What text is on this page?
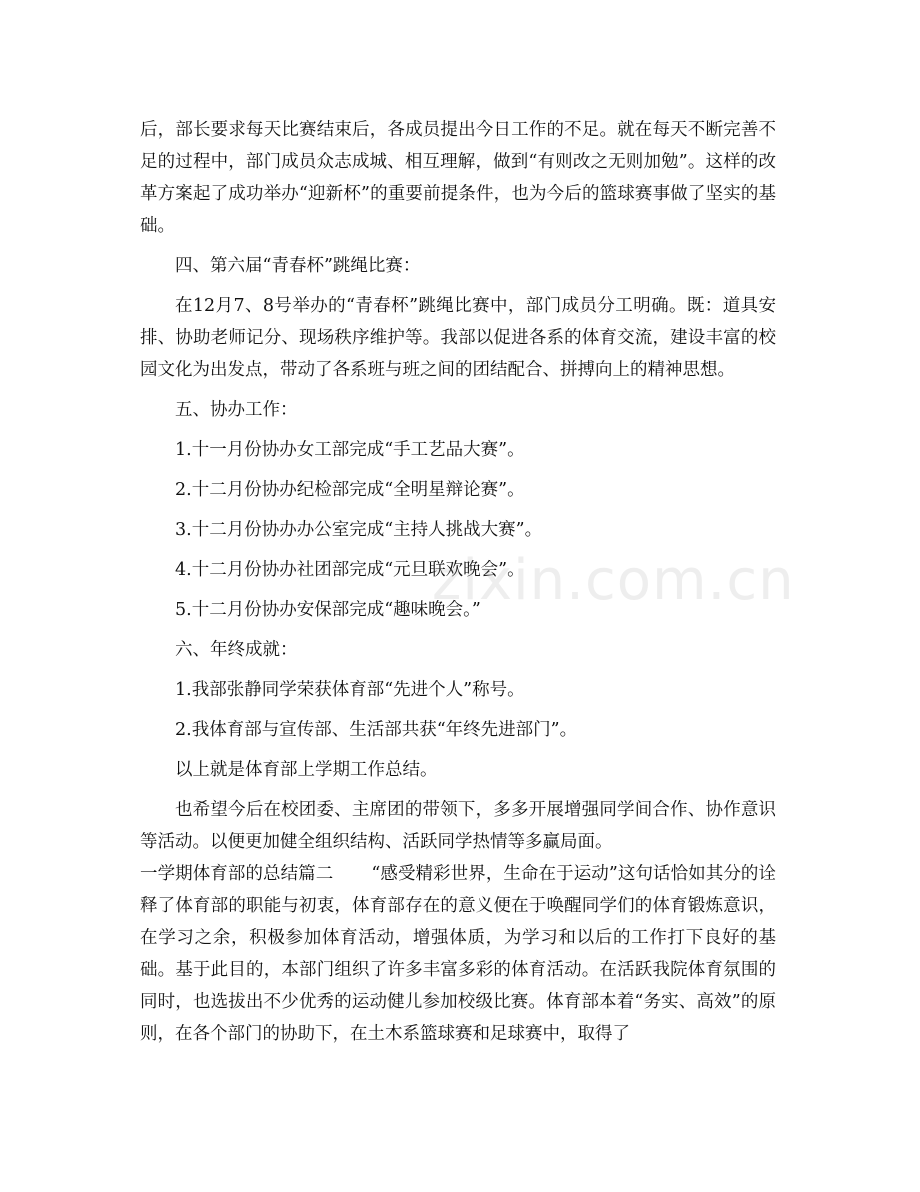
后，部长要求每天比赛结束后，各成员提出今日工作的不足。就在每天不断完善不足的过程中，部门成员众志成城、相互理解，做到“有则改之无则加勉”。这样的改革方案起了成功举办“迎新杯”的重要前提条件，也为今后的篮球赛事做了坚实的基础。

四、第六届“青春杯”跳绳比赛：

在12月7、8号举办的“青春杯”跳绳比赛中，部门成员分工明确。既：道具安排、协助老师记分、现场秩序维护等。我部以促进各系的体育交流，建设丰富的校园文化为出发点，带动了各系班与班之间的团结配合、拼搏向上的精神思想。

五、协办工作：

1.十一月份协办女工部完成“手工艺品大赛”。

2.十二月份协办纪检部完成“全明星辩论赛”。

3.十二月份协办办公室完成“主持人挑战大赛”。

4.十二月份协办社团部完成“元旦联欢晚会”。

5.十二月份协办安保部完成“趣味晚会。”

六、年终成就：

1.我部张静同学荣获体育部“先进个人”称号。

2.我体育部与宣传部、生活部共获“年终先进部门”。

以上就是体育部上学期工作总结。

也希望今后在校团委、主席团的带领下，多多开展增强同学间合作、协作意识等活动。以便更加健全组织结构、活跃同学热情等多赢局面。

一学期体育部的总结篇二 “感受精彩世界，生命在于运动”这句话恰如其分的诠释了体育部的职能与初衷，体育部存在的意义便在于唤醒同学们的体育锻炼意识，在学习之余，积极参加体育活动，增强体质，为学习和以后的工作打下良好的基础。基于此目的，本部门组织了许多丰富多彩的体育活动。在活跃我院体育氛围的同时，也选拔出不少优秀的运动健儿参加校级比赛。体育部本着“务实、高效”的原则，在各个部门的协助下，在土木系篮球赛和足球赛中，取得了

zixin.com.cn
